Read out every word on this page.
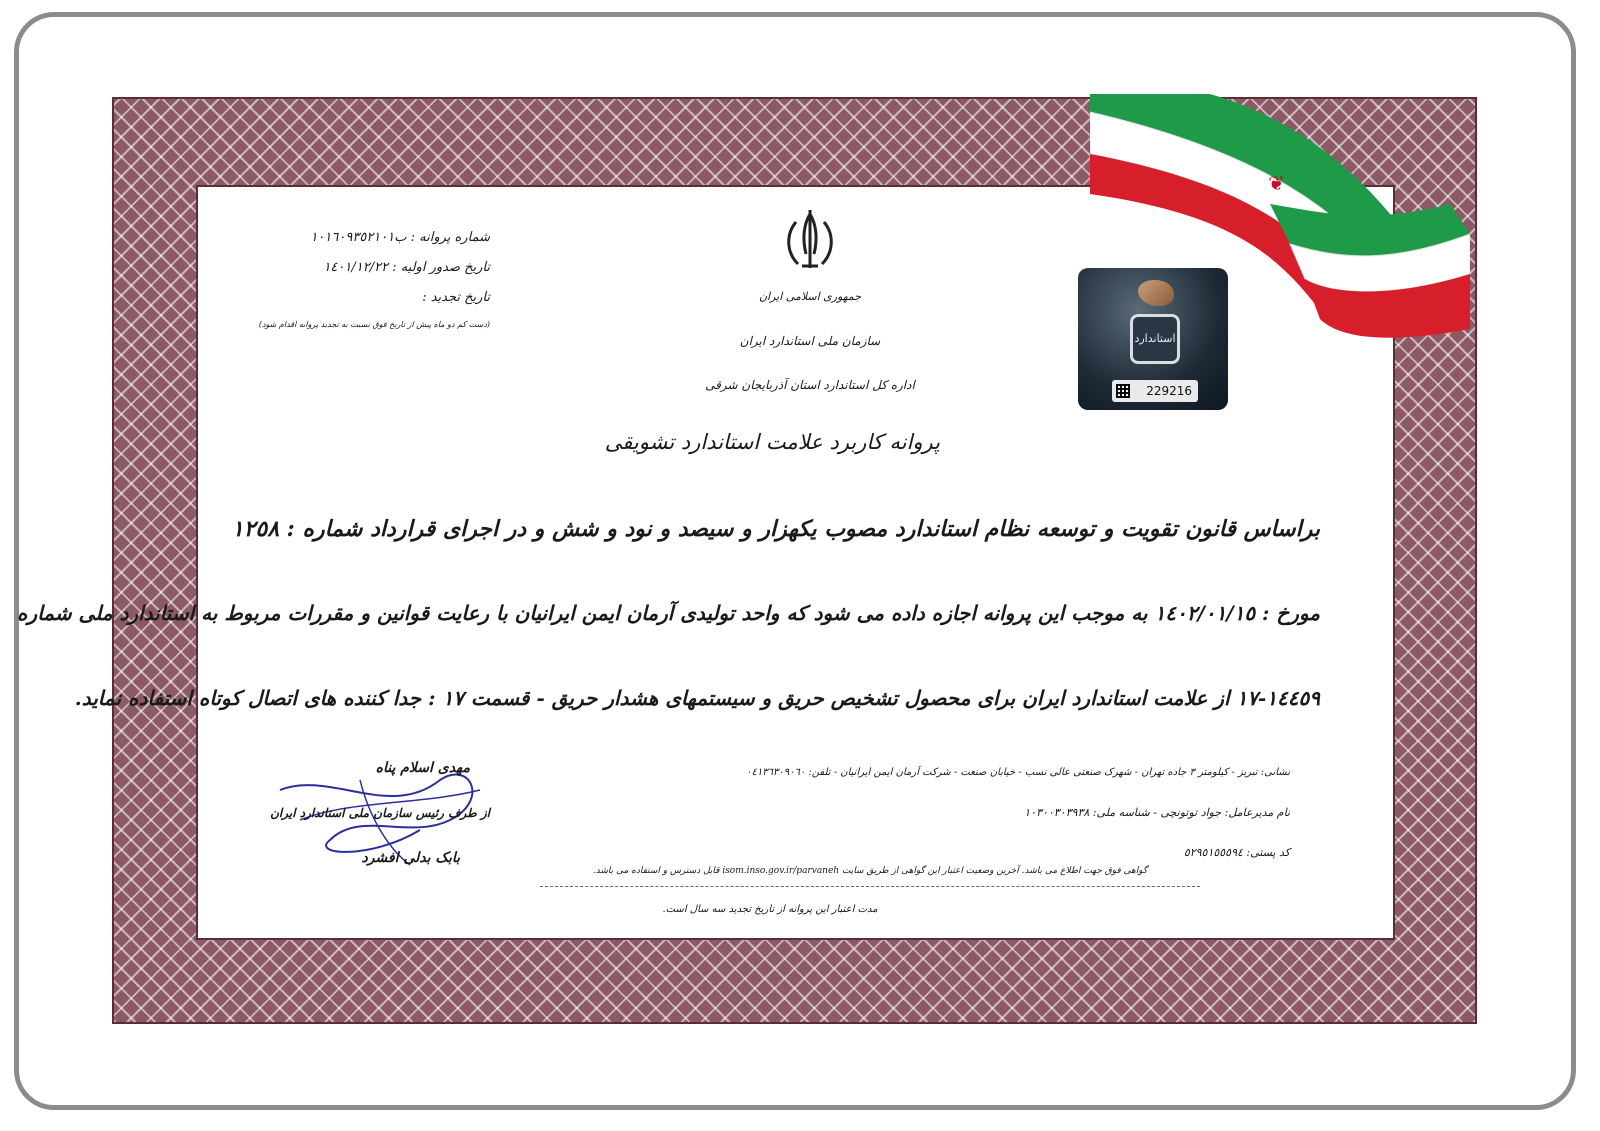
❦
جمهوری اسلامی ایران
سازمان ملی استاندارد ایران
اداره کل استاندارد استان آذربایجان شرقی
شماره پروانه : ب١٠١‍٦٠٩٣٥٢١٠١
تاریخ صدور اولیه : ١٤٠١/١٢/٢٢
تاریخ تجدید :
(دست کم دو ماه پیش از تاریخ فوق نسبت به تجدید پروانه اقدام شود)
استاندارد
229216
پروانه کاربرد علامت استاندارد تشویقی
براساس قانون تقویت و توسعه نظام استاندارد مصوب یکهزار و سیصد و نود و شش و در اجرای قرارداد شماره : ١٢٥٨
مورخ : ١٤٠٢/٠١/١٥ به موجب این پروانه اجازه داده می شود که واحد تولیدی آرمان ایمن ایرانیان با رعایت قوانین و مقررات مربوط به استاندارد ملی شماره
١٤٤٥٩-١٧ از علامت استاندارد ایران برای محصول تشخیص حریق و سیستمهای هشدار حریق - قسمت ١٧ : جدا کننده های اتصال کوتاه استفاده نماید.
نشانی: تبریز - کیلومتر ٣ جاده تهران - شهرک صنعتی عالی نسب - خیابان صنعت - شرکت آرمان ایمن ایرانیان - تلفن: ٠٤١٣٦٣٠٩٠٦٠
نام مدیرعامل: جواد توتونچی - شناسه ملی: ١٠٣٠٠٣٠٣٩٣٨
کد پستی: ٥٢٩٥١٥٥٥٩٤
مهدی اسلام پناه
از طرف رئیس سازمان ملی استاندارد ایران
بابک بدلی افشرد
گواهی فوق جهت اطلاع می باشد. آخرین وضعیت اعتبار این گواهی از طریق سایت isom.inso.gov.ir/parvaneh قابل دسترس و استفاده می باشد.
مدت اعتبار این پروانه از تاریخ تجدید سه سال است.
